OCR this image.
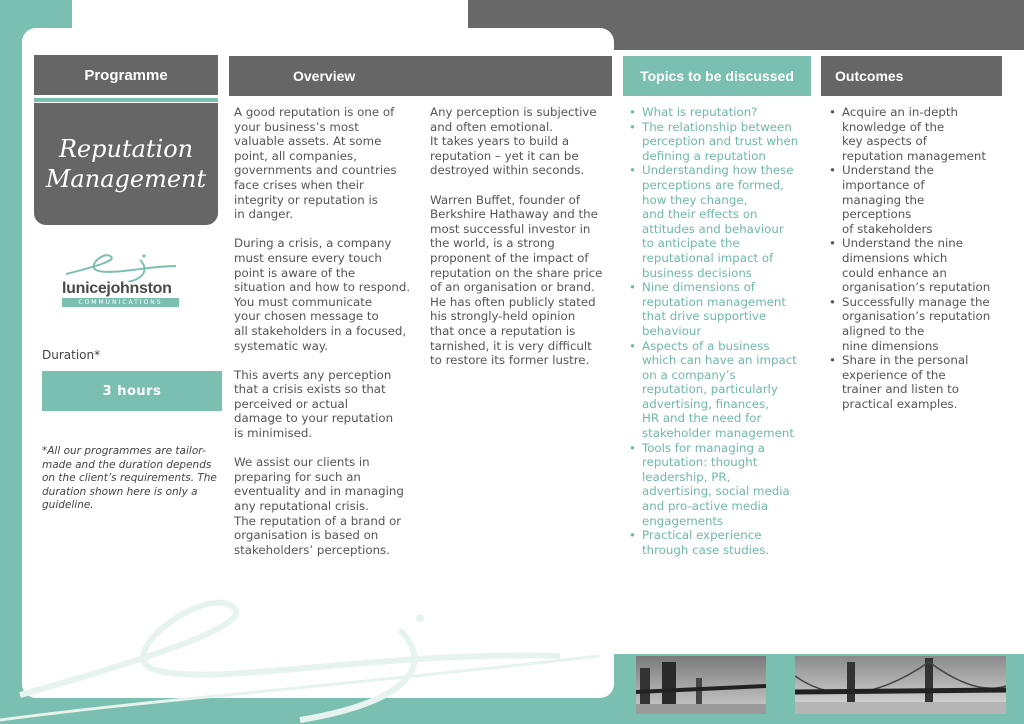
Programme
Reputation
Management
lunicejohnston
COMMUNICATIONS
Duration*
3 hours
*All our programmes are tailor-made and the duration depends on the client’s requirements. The duration shown here is only a guideline.
Overview	Topics to be discussed	Outcomes

A good reputation is one of
your business’s most
valuable assets. At some
point, all companies,
governments and countries
face crises when their
integrity or reputation is
in danger.

During a crisis, a company
must ensure every touch
point is aware of the
situation and how to respond.
You must communicate
your chosen message to
all stakeholders in a focused,
systematic way.

This averts any perception
that a crisis exists so that
perceived or actual
damage to your reputation
is minimised.

We assist our clients in
preparing for such an
eventuality and in managing
any reputational crisis.
The reputation of a brand or
organisation is based on
stakeholders’ perceptions.

Any perception is subjective
and often emotional.
It takes years to build a
reputation – yet it can be
destroyed within seconds.

Warren Buffet, founder of
Berkshire Hathaway and the
most successful investor in
the world, is a strong
proponent of the impact of
reputation on the share price
of an organisation or brand.
He has often publicly stated
his strongly-held opinion
that once a reputation is
tarnished, it is very difficult
to restore its former lustre.

• What is reputation?
• The relationship between
perception and trust when
defining a reputation
• Understanding how these
perceptions are formed,
how they change,
and their effects on
attitudes and behaviour
to anticipate the
reputational impact of
business decisions
• Nine dimensions of
reputation management
that drive supportive
behaviour
• Aspects of a business
which can have an impact
on a company’s
reputation, particularly
advertising, finances,
HR and the need for
stakeholder management
• Tools for managing a
reputation: thought
leadership, PR,
advertising, social media
and pro-active media
engagements
• Practical experience
through case studies.
• Acquire an in-depth
knowledge of the
key aspects of
reputation management
• Understand the
importance of
managing the
perceptions
of stakeholders
• Understand the nine
dimensions which
could enhance an
organisation’s reputation
• Successfully manage the
organisation’s reputation
aligned to the
nine dimensions
• Share in the personal
experience of the
trainer and listen to
practical examples.
